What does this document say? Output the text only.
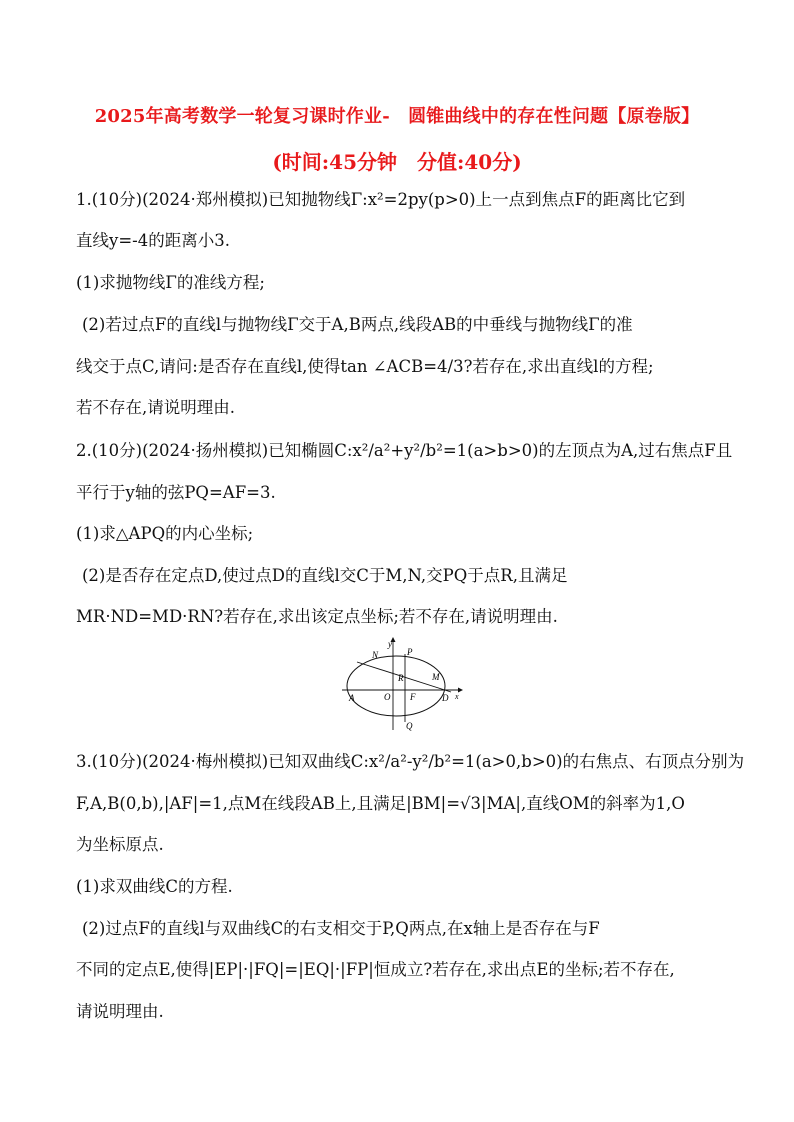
2025年高考数学一轮复习课时作业-　圆锥曲线中的存在性问题【原卷版】
(时间:45分钟　分值:40分)
1.(10分)(2024·郑州模拟)已知抛物线Γ:x²=2py(p>0)上一点到焦点F的距离比它到
直线y=-4的距离小3.
(1)求抛物线Γ的准线方程;
(2)若过点F的直线l与抛物线Γ交于A,B两点,线段AB的中垂线与抛物线Γ的准
线交于点C,请问:是否存在直线l,使得tan ∠ACB=4/3?若存在,求出直线l的方程;
若不存在,请说明理由.
2.(10分)(2024·扬州模拟)已知椭圆C:x²/a²+y²/b²=1(a>b>0)的左顶点为A,过右焦点F且
平行于y轴的弦PQ=AF=3.
(1)求△APQ的内心坐标;
(2)是否存在定点D,使过点D的直线l交C于M,N,交PQ于点R,且满足
MR·ND=MD·RN?若存在,求出该定点坐标;若不存在,请说明理由.
y
N	P
R	M
A	O F	D x
Q
3.(10分)(2024·梅州模拟)已知双曲线C:x²/a²-y²/b²=1(a>0,b>0)的右焦点、右顶点分别为
F,A,B(0,b),|AF|=1,点M在线段AB上,且满足|BM|=√3|MA|,直线OM的斜率为1,O
为坐标原点.
(1)求双曲线C的方程.
(2)过点F的直线l与双曲线C的右支相交于P,Q两点,在x轴上是否存在与F
不同的定点E,使得|EP|·|FQ|=|EQ|·|FP|恒成立?若存在,求出点E的坐标;若不存在,
请说明理由.
